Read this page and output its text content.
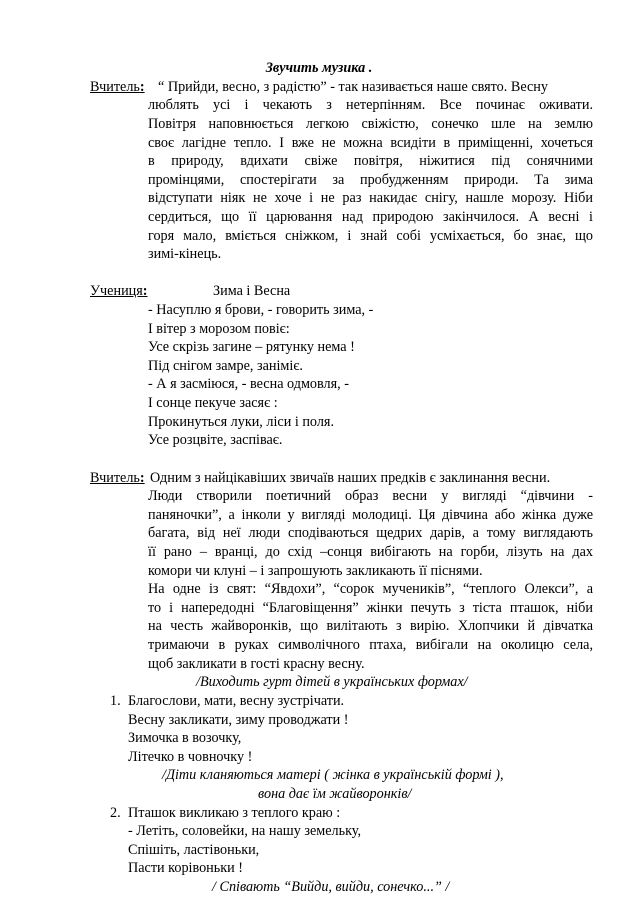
Звучить музика .
Вчитель: “ Прийди, весно, з радістю” - так називається наше свято. Весну
люблять усі і чекають з нетерпінням. Все починає оживати.
Повітря наповнюється легкою свіжістю, сонечко шле на землю
своє лагідне тепло. І вже не можна всидіти в приміщенні, хочеться
в природу, вдихати свіже повітря, ніжитися під сонячними
промінцями, спостерігати за пробудженням природи. Та зима
відступати ніяк не хоче і не раз накидає снігу, нашле морозу. Ніби
сердиться, що її царювання над природою закінчилося. А весні і
горя мало, вміється сніжком, і знай собі усміхається, бо знає, що
зимі-кінець.
Учениця:	Зима і Весна
- Насуплю я брови, - говорить зима, -
І вітер з морозом повіє:
Усе скрізь загине – рятунку нема !
Під снігом замре, заніміє.
- А я засміюся, - весна одмовля, -
І сонце пекуче засяє :
Прокинуться луки, ліси і поля.
Усе розцвіте, заспіває.
Вчитель: Одним з найцікавіших звичаїв наших предків є заклинання весни.
Люди створили поетичний образ весни у вигляді “дівчини -
паняночки”, а інколи у вигляді молодиці. Ця дівчина або жінка дуже
багата, від неї люди сподіваються щедрих дарів, а тому виглядають
її рано – вранці, до схід –сонця вибігають на горби, лізуть на дах
комори чи клуні – і запрошують закликають її піснями.
На одне із свят: “Явдохи”, “сорок мучеників”, “теплого Олекси”, а
то і напередодні “Благовіщення” жінки печуть з тіста пташок, ніби
на честь жайворонків, що вилітають з вирію. Хлопчики й дівчатка
тримаючи в руках символічного птаха, вибігали на околицю села,
щоб закликати в гості красну весну.
/Виходить гурт дітей в українських формах/
1. Благослови, мати, весну зустрічати.
Весну закликати, зиму проводжати !
Зимочка в возочку,
Літечко в човночку !
/Діти кланяються матері ( жінка в українській формі ),
вона дає їм жайворонків/
2. Пташок викликаю з теплого краю :
- Летіть, соловейки, на нашу земельку,
Спішіть, ластівоньки,
Пасти корівоньки !
/ Співають “Вийди, вийди, сонечко...” /
